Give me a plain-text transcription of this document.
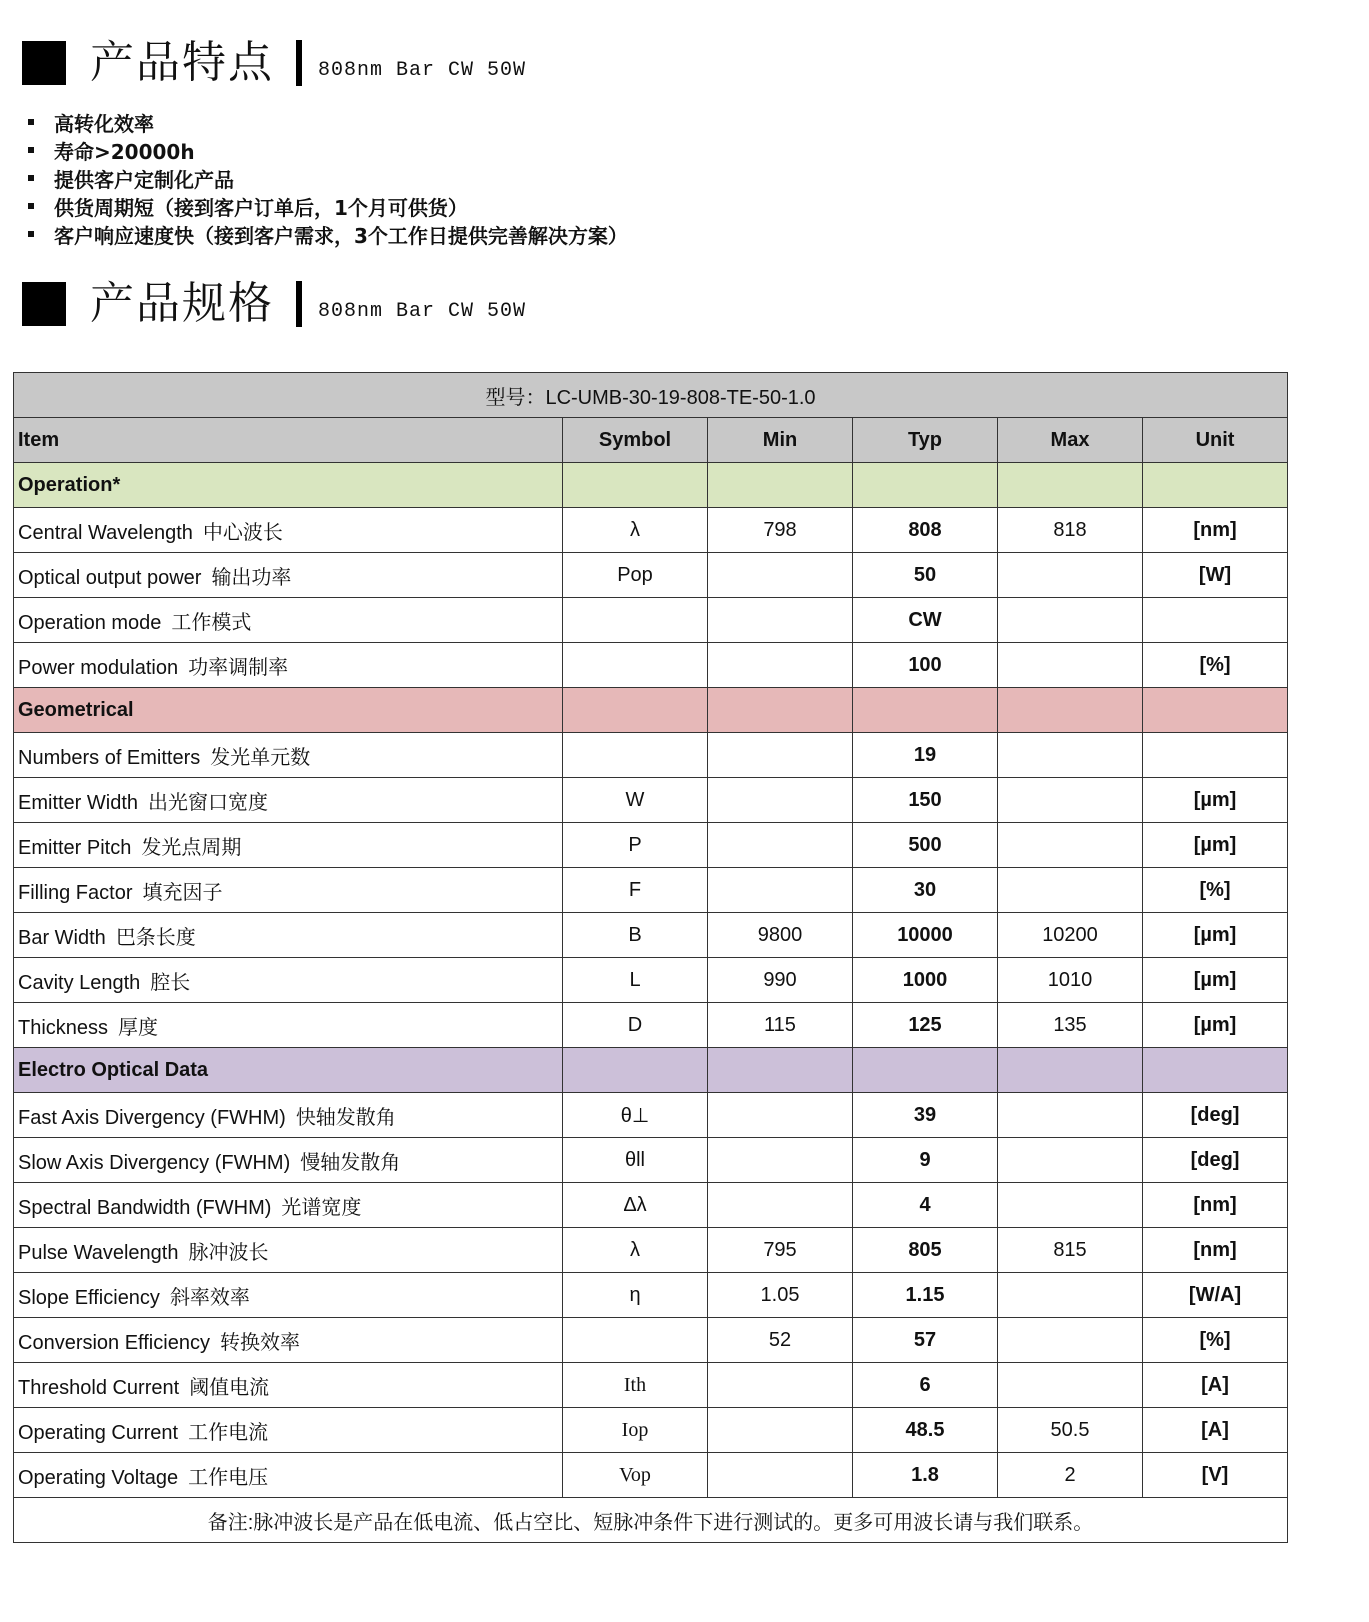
产品特点 808nm Bar CW 50W
高转化效率
寿命>20000h
提供客户定制化产品
供货周期短（接到客户订单后，1个月可供货）
客户响应速度快（接到客户需求，3个工作日提供完善解决方案）
产品规格 808nm Bar CW 50W
型号：LC-UMB-30-19-808-TE-50-1.0					
Item	Symbol	Min	Typ	Max	Unit
Operation*					
Central Wavelength 中心波长	λ	798	808	818	[nm]
Optical output power 输出功率	Pop		50		[W]
Operation mode 工作模式			CW		
Power modulation 功率调制率			100		[%]
Geometrical					
Numbers of Emitters 发光单元数			19		
Emitter Width 出光窗口宽度	W		150		[µm]
Emitter Pitch 发光点周期	P		500		[µm]
Filling Factor 填充因子	F		30		[%]
Bar Width 巴条长度	B	9800	10000	10200	[µm]
Cavity Length 腔长	L	990	1000	1010	[µm]
Thickness 厚度	D	115	125	135	[µm]
Electro Optical Data					
Fast Axis Divergency (FWHM) 快轴发散角	θ⊥		39		[deg]
Slow Axis Divergency (FWHM) 慢轴发散角	θll		9		[deg]
Spectral Bandwidth (FWHM) 光谱宽度	Δλ		4		[nm]
Pulse Wavelength 脉冲波长	λ	795	805	815	[nm]
Slope Efficiency 斜率效率	η	1.05	1.15		[W/A]
Conversion Efficiency 转换效率		52	57		[%]
Threshold Current 阈值电流	Ith		6		[A]
Operating Current 工作电流	Iop		48.5	50.5	[A]
Operating Voltage 工作电压	Vop		1.8	2	[V]
备注:脉冲波长是产品在低电流、低占空比、短脉冲条件下进行测试的。更多可用波长请与我们联系。					
